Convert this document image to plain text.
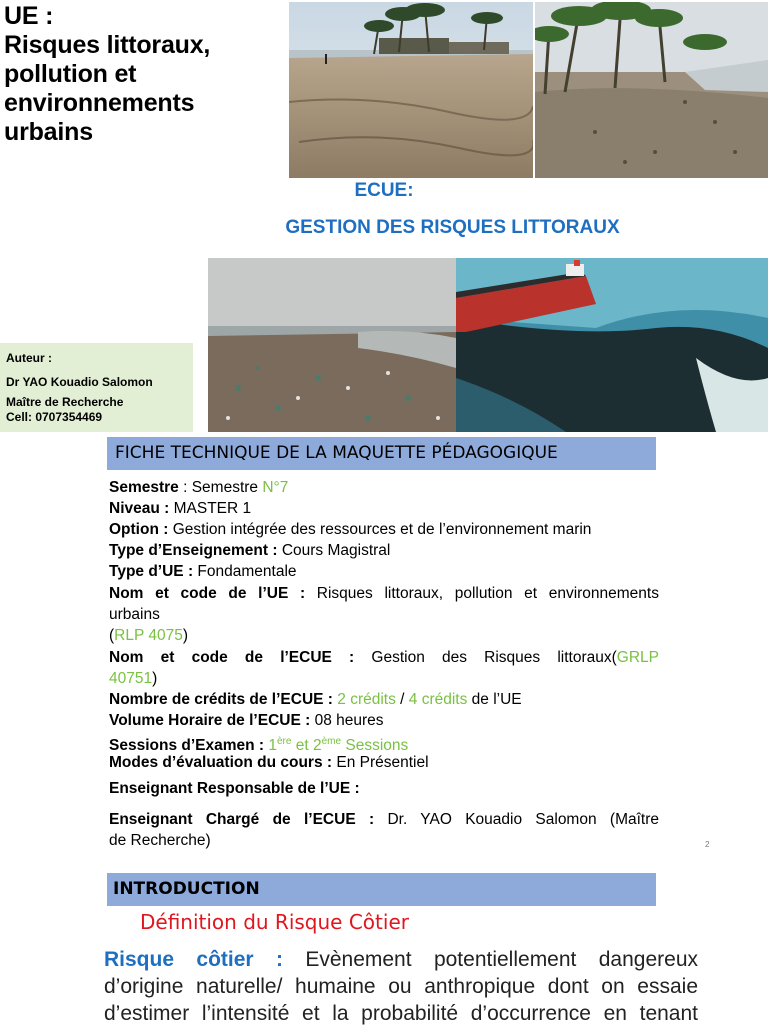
UE :
Risques littoraux,
pollution et
environnements
urbains
ECUE:
GESTION DES RISQUES LITTORAUX
Auteur :
Dr YAO Kouadio Salomon
Maître de Recherche
Cell: 0707354469
FICHE TECHNIQUE DE LA MAQUETTE PÉDAGOGIQUE
Semestre : Semestre N°7
Niveau : MASTER 1
Option : Gestion intégrée des ressources et de l’environnement marin
Type d’Enseignement : Cours Magistral
Type d’UE : Fondamentale
Nom et code de l’UE : Risques littoraux, pollution et environnements
urbains
(RLP 4075)
Nom et code de l’ECUE : Gestion des Risques littoraux(GRLP
40751)
Nombre de crédits de l’ECUE : 2 crédits / 4 crédits de l’UE
Volume Horaire de l’ECUE : 08 heures
Sessions d’Examen : 1ère et 2ème Sessions
Modes d’évaluation du cours : En Présentiel
Enseignant Responsable de l’UE :
Enseignant Chargé de l’ECUE : Dr. YAO Kouadio Salomon (Maître
de Recherche)	2
INTRODUCTION
Définition du Risque Côtier
Risque côtier : Evènement potentiellement dangereux
d’origine naturelle/ humaine ou anthropique dont on essaie
d’estimer l’intensité et la probabilité d’occurrence en tenant
